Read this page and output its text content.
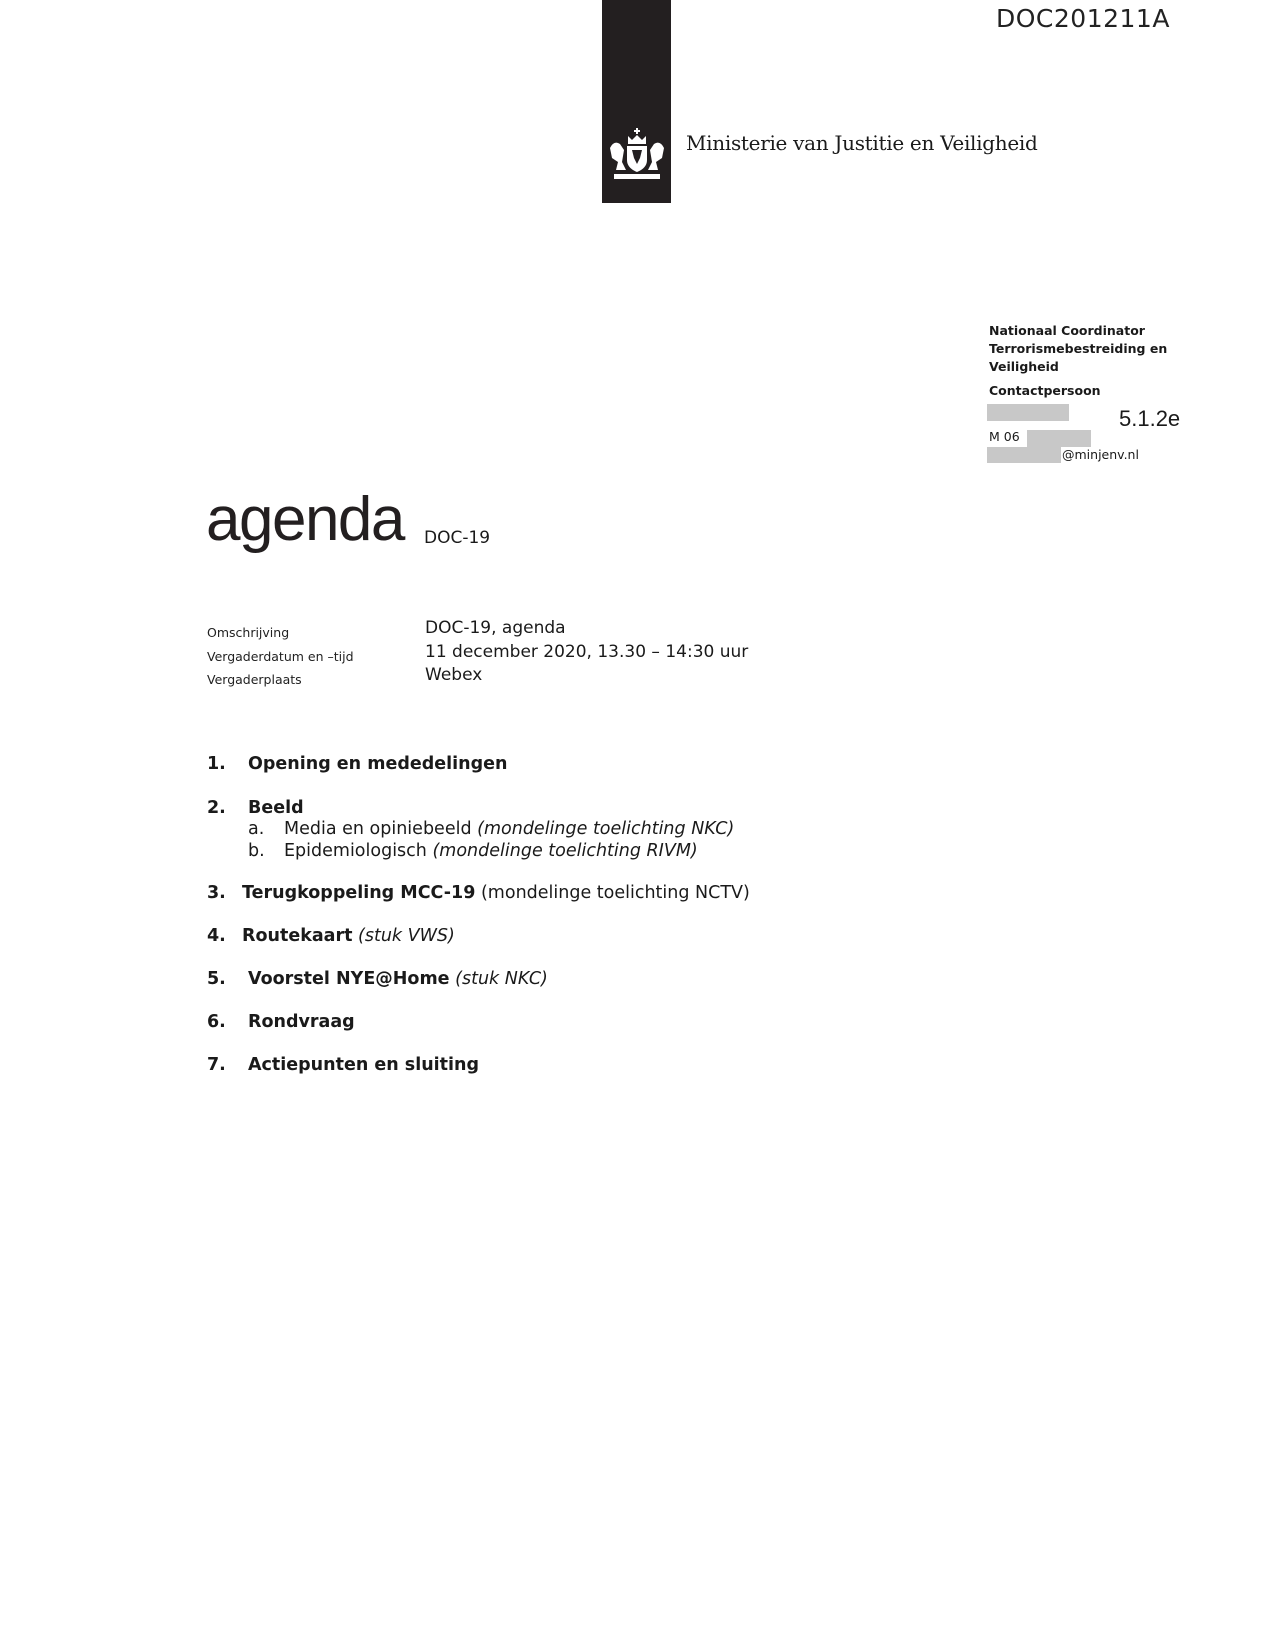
DOC201211A
Ministerie van Justitie en Veiligheid
Nationaal Coordinator
Terrorismebestreiding en
Veiligheid
Contactpersoon
M 06
@minjenv.nl
5.1.2e
agenda DOC-19
Omschrijving	DOC-19, agenda
Vergaderdatum en –tijd	11 december 2020, 13.30 – 14:30 uur
Vergaderplaats	Webex
1. Opening en mededelingen
2. Beeld
a. Media en opiniebeeld (mondelinge toelichting NKC)
b. Epidemiologisch (mondelinge toelichting RIVM)
3. Terugkoppeling MCC-19 (mondelinge toelichting NCTV)
4. Routekaart (stuk VWS)
5. Voorstel NYE@Home (stuk NKC)
6. Rondvraag
7. Actiepunten en sluiting
